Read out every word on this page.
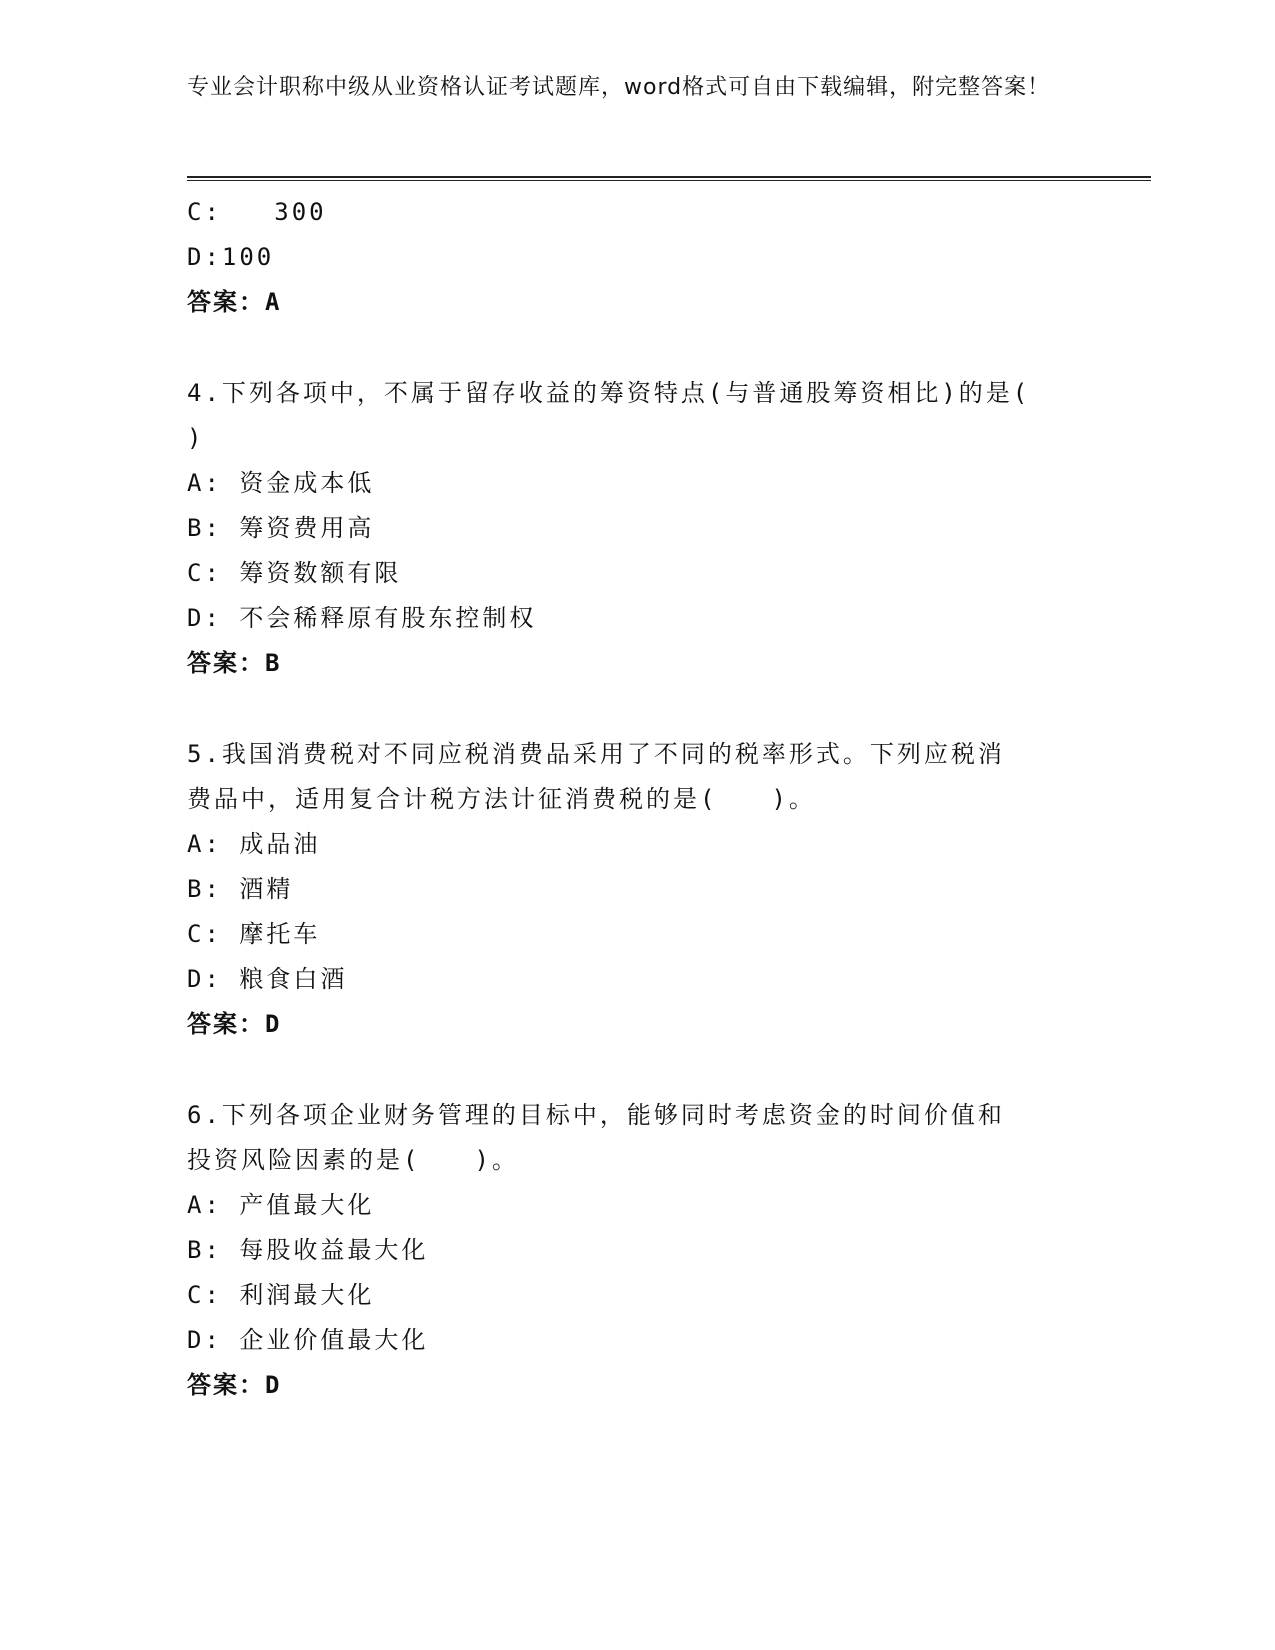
专业会计职称中级从业资格认证考试题库，word格式可自由下载编辑，附完整答案！
C:   300
D:100
答案：A
4.下列各项中，不属于留存收益的筹资特点(与普通股筹资相比)的是(
)
A: 资金成本低
B: 筹资费用高
C: 筹资数额有限
D: 不会稀释原有股东控制权
答案：B
5.我国消费税对不同应税消费品采用了不同的税率形式。下列应税消
费品中，适用复合计税方法计征消费税的是(　　)。
A: 成品油
B: 酒精
C: 摩托车
D: 粮食白酒
答案：D
6.下列各项企业财务管理的目标中，能够同时考虑资金的时间价值和
投资风险因素的是(　　)。
A: 产值最大化
B: 每股收益最大化
C: 利润最大化
D: 企业价值最大化
答案：D
